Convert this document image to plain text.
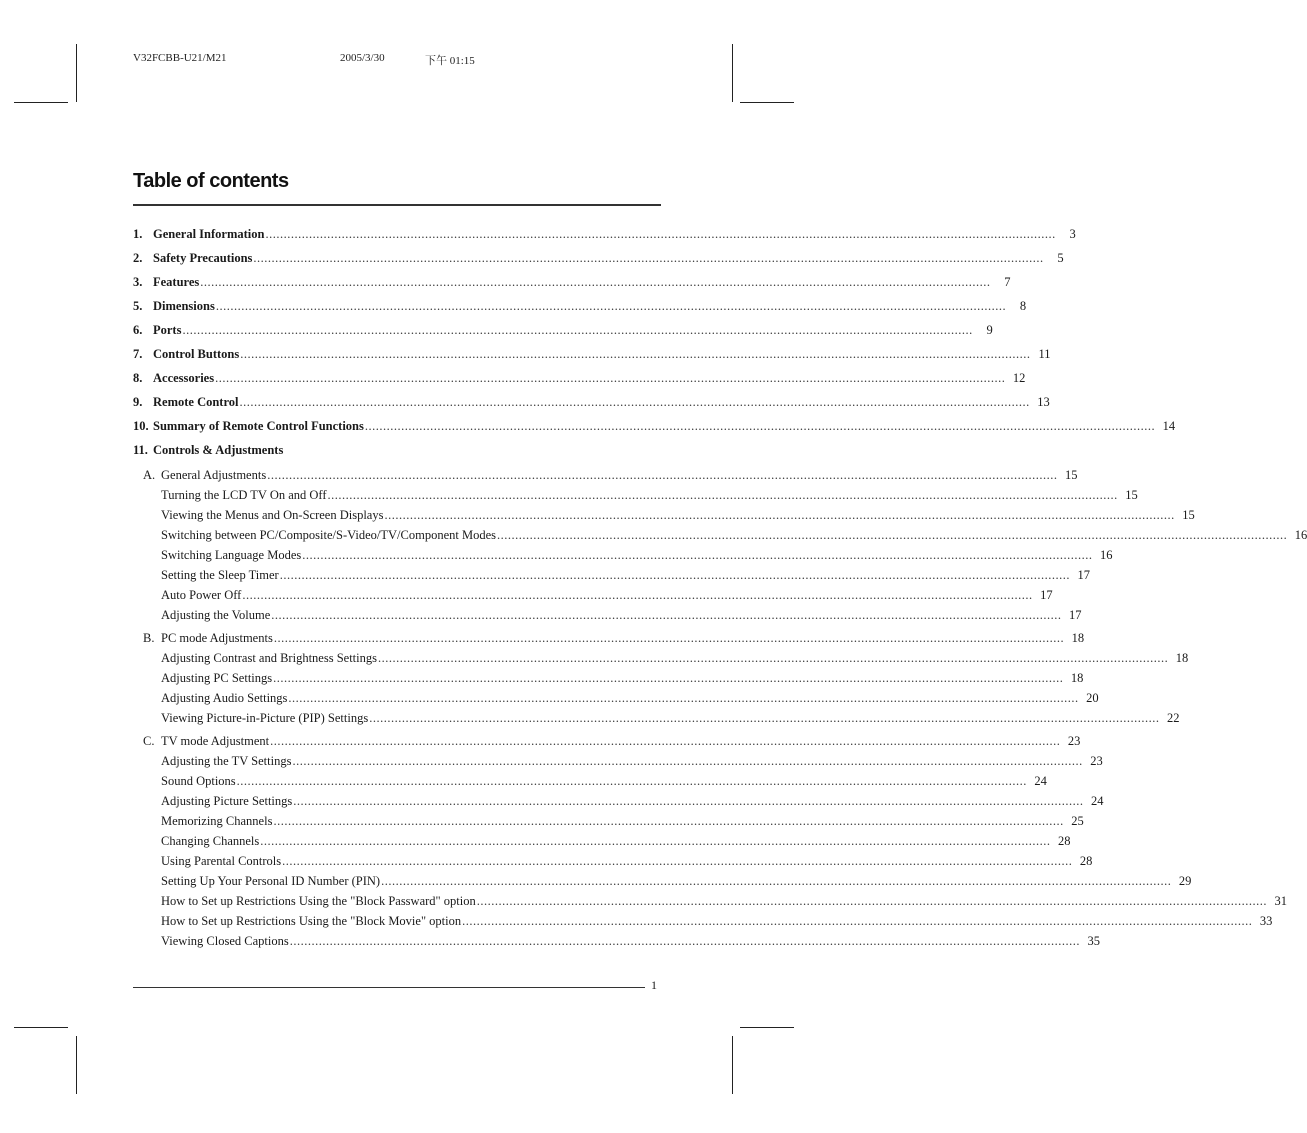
V32FCBB-U21/M21	2005/3/30	下午 01:15
Table of contents
1. General Information .....	3
2. Safety Precautions .....	5
3. Features .....	7
5. Dimensions .....	8
6. Ports .....	9
7. Control Buttons .....	11
8. Accessories .....	12
9. Remote Control .....	13
10. Summary of Remote Control Functions .....	14
11. Controls & Adjustments
A. General Adjustments .....	15
Turning the LCD TV On and Off .....	15
Viewing the Menus and On-Screen Displays .....	15
Switching between PC/Composite/S-Video/TV/Component Modes .....	16
Switching Language Modes .....	16
Setting the Sleep Timer .....	17
Auto Power Off .....	17
Adjusting the Volume .....	17
B. PC mode Adjustments .....	18
Adjusting Contrast and Brightness Settings .....	18
Adjusting PC Settings .....	18
Adjusting Audio Settings .....	20
Viewing Picture-in-Picture (PIP) Settings .....	22
C. TV mode Adjustment .....	23
Adjusting the TV Settings .....	23
Sound Options .....	24
Adjusting Picture Settings .....	24
Memorizing Channels .....	25
Changing Channels .....	28
Using Parental Controls .....	28
Setting Up Your Personal ID Number (PIN) .....	29
How to Set up Restrictions Using the "Block Passward" option .....	31
How to Set up Restrictions Using the "Block Movie" option .....	33
Viewing Closed Captions .....	35
1
